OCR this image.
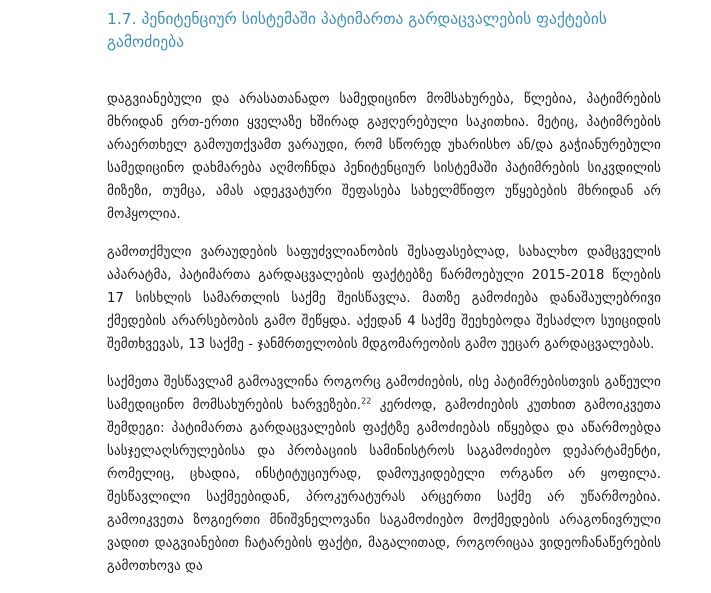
1.7. პენიტენციურ სისტემაში პატიმართა გარდაცვალების ფაქტების გამოძიება

დაგვიანებული და არასათანადო სამედიცინო მომსახურება, წლებია, პატიმრების მხრიდან ერთ-ერთი ყველაზე ხშირად გაჟღერებული საკითხია. მეტიც, პატიმრების არაერთხელ გამოუთქვამთ ვარაუდი, რომ სწორედ უხარისხო ან/და გაჭიანურებული სამედიცინო დახმარება აღმოჩნდა პენიტენციურ სისტემაში პატიმრების სიკვდილის მიზეზი, თუმცა, ამას ადეკვატური შეფასება სახელმწიფო უწყებების მხრიდან არ მოჰყოლია.

გამოთქმული ვარაუდების საფუძვლიანობის შესაფასებლად, სახალხო დამცველის აპარატმა, პატიმართა გარდაცვალების ფაქტებზე წარმოებული 2015-2018 წლების 17 სისხლის სამართლის საქმე შეისწავლა. მათზე გამოძიება დანაშაულებრივი ქმედების არარსებობის გამო შეწყდა. აქედან 4 საქმე შეეხებოდა შესაძლო სუიციდის შემთხვევას, 13 საქმე - ჯანმრთელობის მდგომარეობის გამო უეცარ გარდაცვალებას.

საქმეთა შესწავლამ გამოავლინა როგორც გამოძიების, ისე პატიმრებისთვის გაწეული სამედიცინო მომსახურების ხარვეზები.$^{22}$ კერძოდ, გამოძიების კუთხით გამოიკვეთა შემდეგი: პატიმართა გარდაცვალების ფაქტზე გამოძიებას იწყებდა და აწარმოებდა სასჯელაღსრულებისა და პრობაციის სამინისტროს საგამოძიებო დეპარტამენტი, რომელიც, ცხადია, ინსტიტუციურად, დამოუკიდებელი ორგანო არ ყოფილა. შესწავლილი საქმეებიდან, პროკურატურას არცერთი საქმე არ უწარმოებია. გამოიკვეთა ზოგიერთი მნიშვნელოვანი საგამოძიებო მოქმედების არაგონივრული ვადით დაგვიანებით ჩატარების ფაქტი, მაგალითად, როგორიცაა ვიდეოჩანაწერების გამოთხოვა და
